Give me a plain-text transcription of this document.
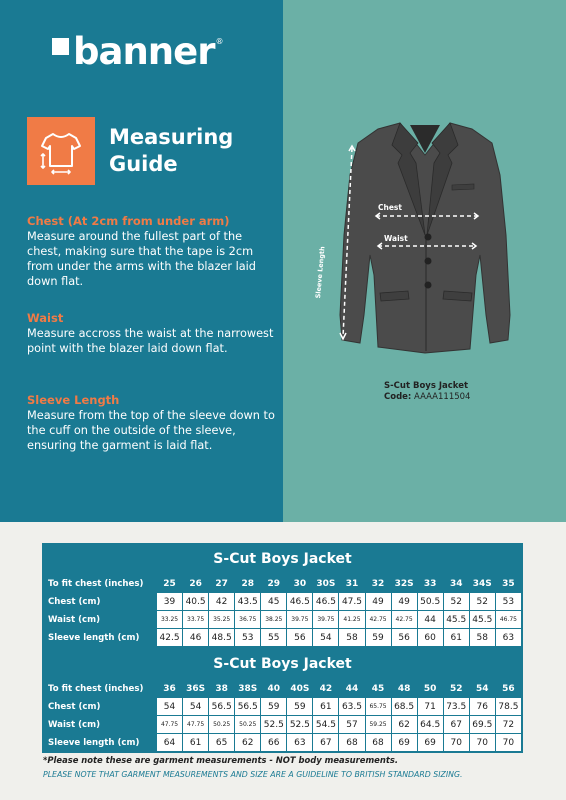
banner ®
Measuring
Guide
Chest (At 2cm from under arm)

Measure around the fullest part of the chest, making sure that the tape is 2cm from under the arms with the blazer laid down flat.

Waist

Measure accross the waist at the narrowest point with the blazer laid down flat.

Sleeve Length

Measure from the top of the sleeve down to the cuff on the outside of the sleeve, ensuring the garment is laid flat.

Chest
Waist
Sleeve Length
S-Cut Boys Jacket
Code: AAAA111504
S-Cut Boys Jacket
To fit chest (inches)	25	26	27	28	29	30	30S	31	32	32S	33	34	34S	35
Chest (cm)	39	40.5	42	43.5	45	46.5	46.5	47.5	49	49	50.5	52	52	53
Waist (cm)	33.25	33.75	35.25	36.75	38.25	39.75	39.75	41.25	42.75	42.75	44	45.5	45.5	46.75
Sleeve length (cm)	42.5	46	48.5	53	55	56	54	58	59	56	60	61	58	63
S-Cut Boys Jacket
To fit chest (inches)	36	36S	38	38S	40	40S	42	44	45	48	50	52	54	56
Chest (cm)	54	54	56.5	56.5	59	59	61	63.5	65.75	68.5	71	73.5	76	78.5
Waist (cm)	47.75	47.75	50.25	50.25	52.5	52.5	54.5	57	59.25	62	64.5	67	69.5	72
Sleeve length (cm)	64	61	65	62	66	63	67	68	68	69	69	70	70	70
*Please note these are garment measurements - NOT body measurements.
PLEASE NOTE THAT GARMENT MEASUREMENTS AND SIZE ARE A GUIDELINE TO BRITISH STANDARD SIZING.
